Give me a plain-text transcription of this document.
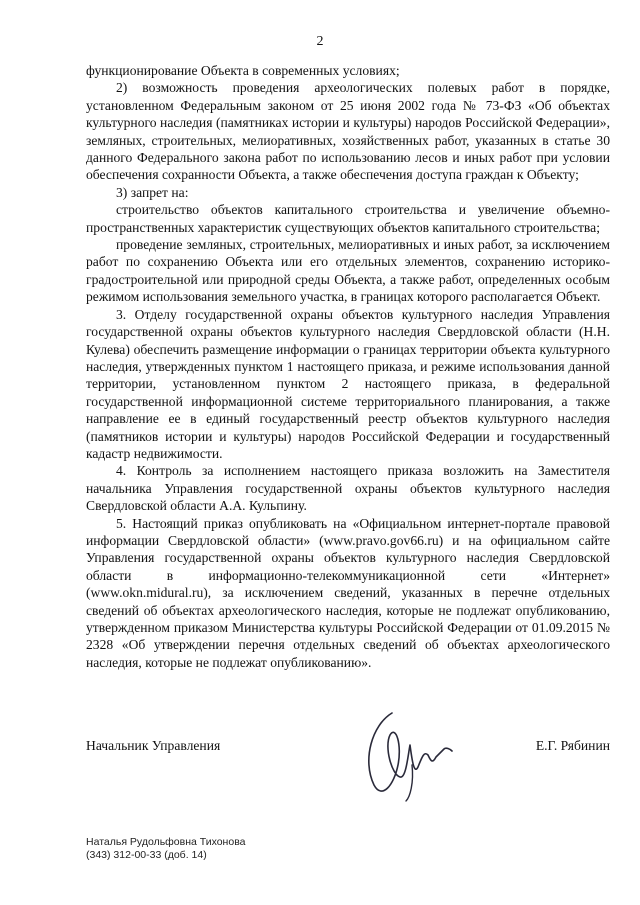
2

функционирование Объекта в современных условиях;

2) возможность проведения археологических полевых работ в порядке, установленном Федеральным законом от 25 июня 2002 года № 73-ФЗ «Об объектах культурного наследия (памятниках истории и культуры) народов Российской Федерации», земляных, строительных, мелиоративных, хозяйственных работ, указанных в статье 30 данного Федерального закона работ по использованию лесов и иных работ при условии обеспечения сохранности Объекта, а также обеспечения доступа граждан к Объекту;

3) запрет на:

строительство объектов капитального строительства и увеличение объемно-пространственных характеристик существующих объектов капитального строительства;

проведение земляных, строительных, мелиоративных и иных работ, за исключением работ по сохранению Объекта или его отдельных элементов, сохранению историко-градостроительной или природной среды Объекта, а также работ, определенных особым режимом использования земельного участка, в границах которого располагается Объект.

3. Отделу государственной охраны объектов культурного наследия Управления государственной охраны объектов культурного наследия Свердловской области (Н.Н. Кулева) обеспечить размещение информации о границах территории объекта культурного наследия, утвержденных пунктом 1 настоящего приказа, и режиме использования данной территории, установленном пунктом 2 настоящего приказа, в федеральной государственной информационной системе территориального планирования, а также направление ее в единый государственный реестр объектов культурного наследия (памятников истории и культуры) народов Российской Федерации и государственный кадастр недвижимости.

4. Контроль за исполнением настоящего приказа возложить на Заместителя начальника Управления государственной охраны объектов культурного наследия Свердловской области А.А. Кульпину.

5. Настоящий приказ опубликовать на «Официальном интернет-портале правовой информации Свердловской области» (www.pravo.gov66.ru) и на официальном сайте Управления государственной охраны объектов культурного наследия Свердловской области в информационно-телекоммуникационной сети «Интернет» (www.okn.midural.ru), за исключением сведений, указанных в перечне отдельных сведений об объектах археологического наследия, которые не подлежат опубликованию, утвержденном приказом Министерства культуры Российской Федерации от 01.09.2015 № 2328 «Об утверждении перечня отдельных сведений об объектах археологического наследия, которые не подлежат опубликованию».

Начальник Управления	Е.Г. Рябинин
Наталья Рудольфовна Тихонова
(343) 312-00-33 (доб. 14)
